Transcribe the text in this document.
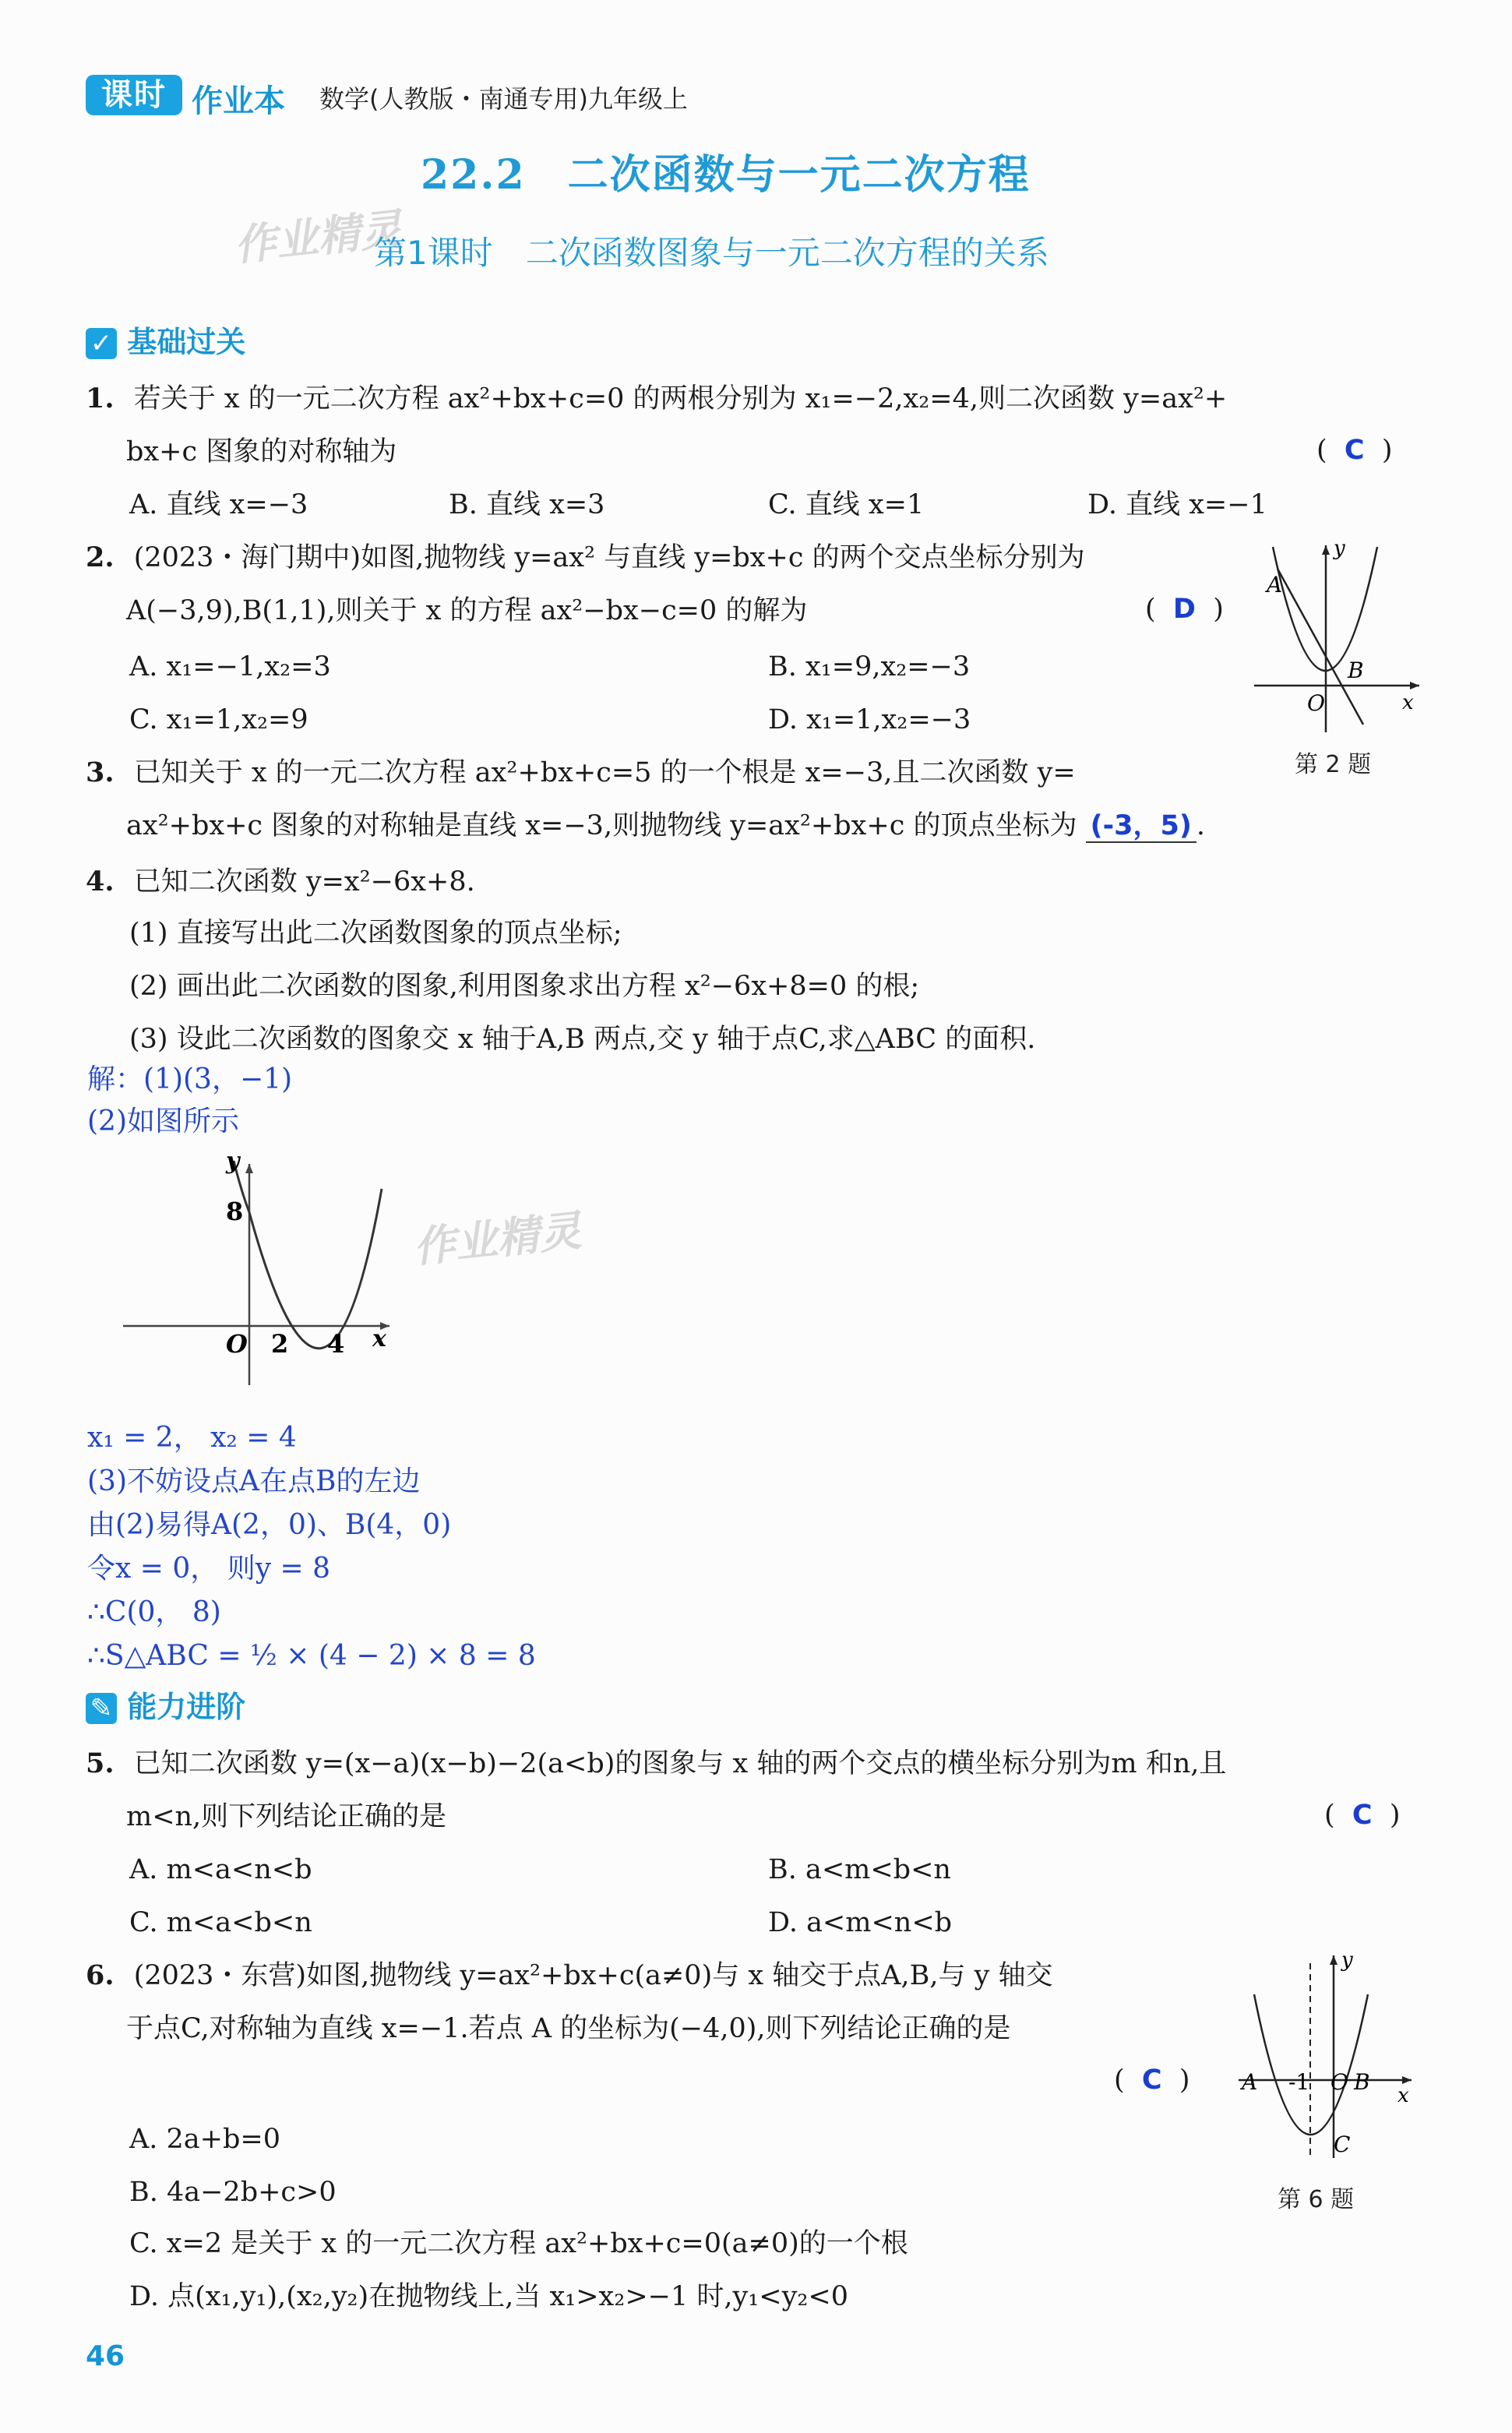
课时 作业本 数学(人教版・南通专用)九年级上
22.2　二次函数与一元二次方程
作业精灵
第1课时　二次函数图象与一元二次方程的关系
✓ 基础过关
1. 若关于 x 的一元二次方程 ax²+bx+c=0 的两根分别为 x₁=−2,x₂=4,则二次函数 y=ax²+
bx+c 图象的对称轴为	(  C  )
A. 直线 x=−3	B. 直线 x=3	C. 直线 x=1	D. 直线 x=−1
2. (2023・海门期中)如图,抛物线 y=ax² 与直线 y=bx+c 的两个交点坐标分别为
A(−3,9),B(1,1),则关于 x 的方程 ax²−bx−c=0 的解为	(  D  )
A. x₁=−1,x₂=3	B. x₁=9,x₂=−3
C. x₁=1,x₂=9	D. x₁=1,x₂=−3
y
x
A
B
O
第 2 题
3. 已知关于 x 的一元二次方程 ax²+bx+c=5 的一个根是 x=−3,且二次函数 y=
ax²+bx+c 图象的对称轴是直线 x=−3,则抛物线 y=ax²+bx+c 的顶点坐标为 (-3，5) .
4. 已知二次函数 y=x²−6x+8.
(1) 直接写出此二次函数图象的顶点坐标;
(2) 画出此二次函数的图象,利用图象求出方程 x²−6x+8=0 的根;
(3) 设此二次函数的图象交 x 轴于A,B 两点,交 y 轴于点C,求△ABC 的面积.
解：(1)(3，−1)
(2)如图所示
y
x
8
O 2 4
作业精灵
x₁ = 2， x₂ = 4
(3)不妨设点A在点B的左边
由(2)易得A(2，0)、B(4，0)
令x = 0， 则y = 8
∴C(0， 8)
∴S△ABC = ½ × (4 − 2) × 8 = 8
✎ 能力进阶
5. 已知二次函数 y=(x−a)(x−b)−2(a<b)的图象与 x 轴的两个交点的横坐标分别为m 和n,且
m<n,则下列结论正确的是	(  C  )
A. m<a<n<b	B. a<m<b<n
C. m<a<b<n	D. a<m<n<b
6. (2023・东营)如图,抛物线 y=ax²+bx+c(a≠0)与 x 轴交于点A,B,与 y 轴交
于点C,对称轴为直线 x=−1.若点 A 的坐标为(−4,0),则下列结论正确的是
(  C  )
A. 2a+b=0
B. 4a−2b+c>0
C. x=2 是关于 x 的一元二次方程 ax²+bx+c=0(a≠0)的一个根
D. 点(x₁,y₁),(x₂,y₂)在抛物线上,当 x₁>x₂>−1 时,y₁<y₂<0
y
x
A -1 O B
C
第 6 题
46
